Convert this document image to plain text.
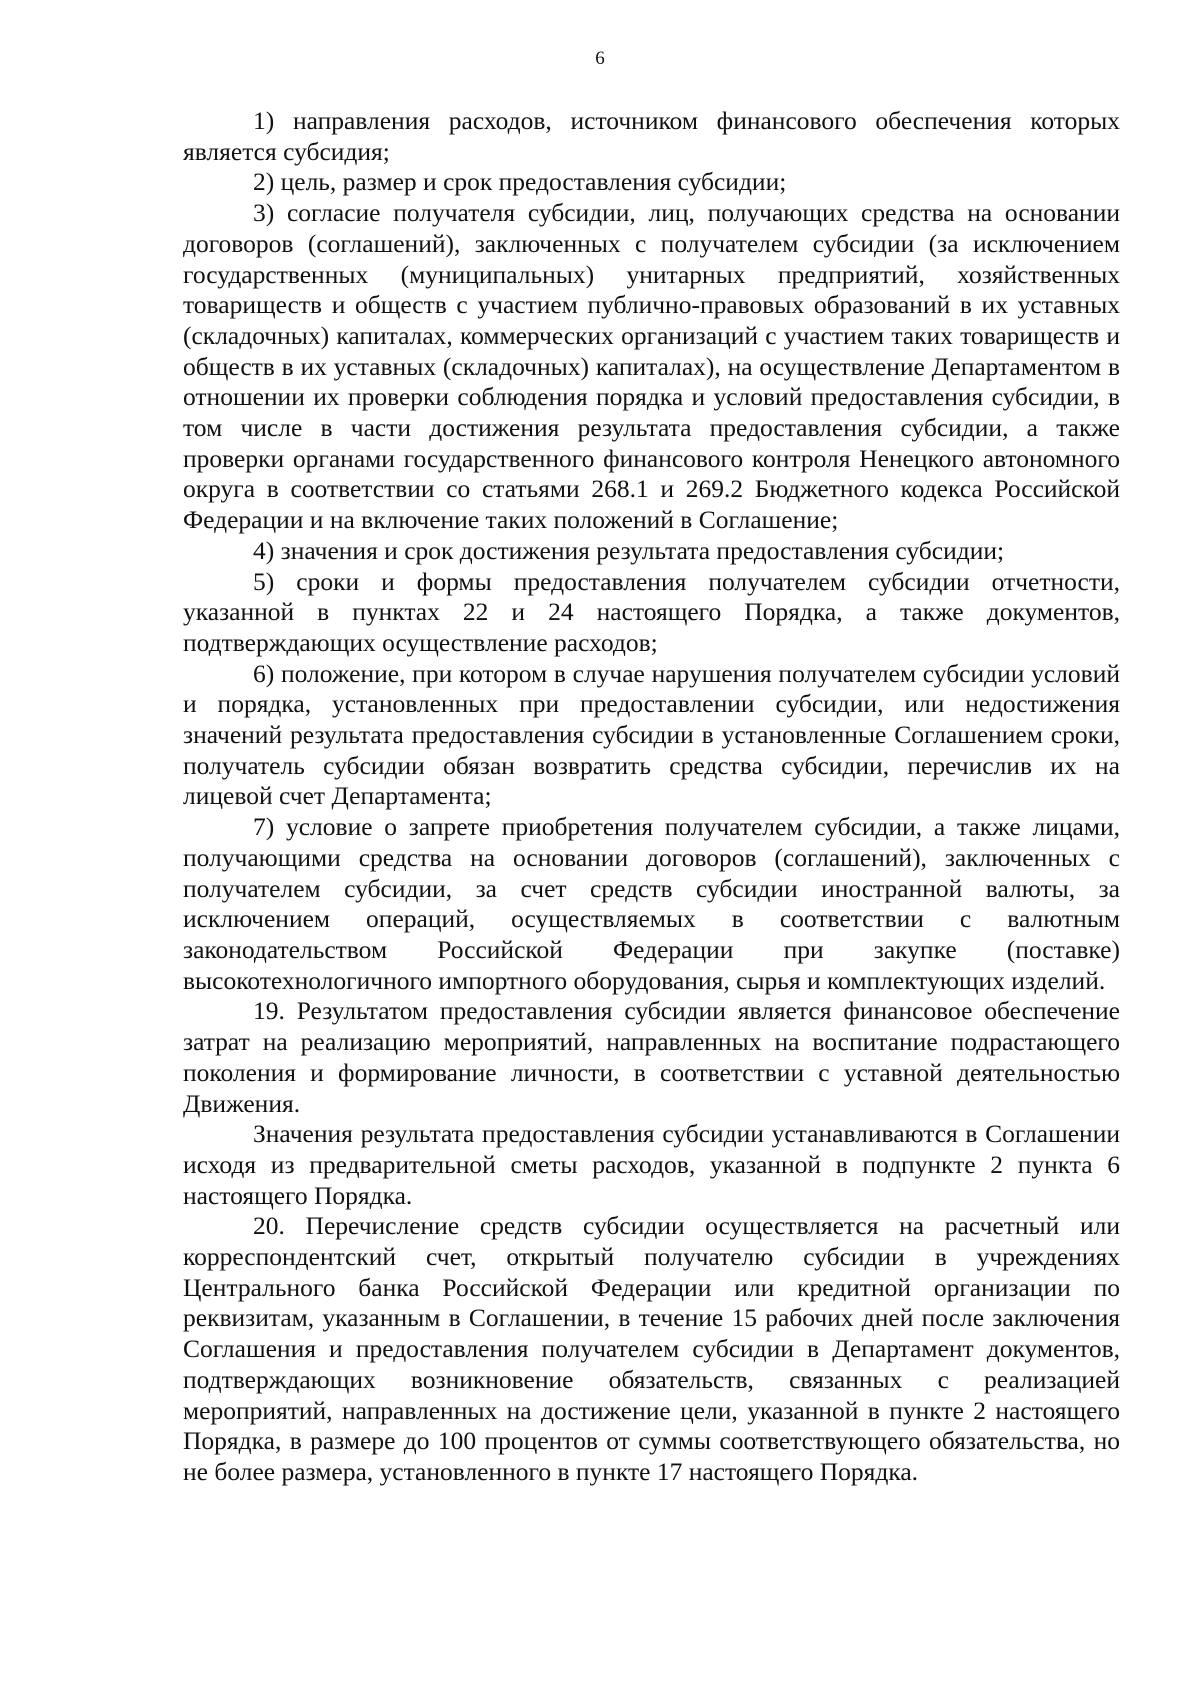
6

1) направления расходов, источником финансового обеспечения которых является субсидия;

2) цель, размер и срок предоставления субсидии;

3) согласие получателя субсидии, лиц, получающих средства на основании договоров (соглашений), заключенных с получателем субсидии (за исключением государственных (муниципальных) унитарных предприятий, хозяйственных товариществ и обществ с участием публично-правовых образований в их уставных (складочных) капиталах, коммерческих организаций с участием таких товариществ и обществ в их уставных (складочных) капиталах), на осуществление Департаментом в отношении их проверки соблюдения порядка и условий предоставления субсидии, в том числе в части достижения результата предоставления субсидии, а также проверки органами государственного финансового контроля Ненецкого автономного округа в соответствии со статьями 268.1 и 269.2 Бюджетного кодекса Российской Федерации и на включение таких положений в Соглашение;

4) значения и срок достижения результата предоставления субсидии;

5) сроки и формы предоставления получателем субсидии отчетности, указанной в пунктах 22 и 24 настоящего Порядка, а также документов, подтверждающих осуществление расходов;

6) положение, при котором в случае нарушения получателем субсидии условий и порядка, установленных при предоставлении субсидии, или недостижения значений результата предоставления субсидии в установленные Соглашением сроки, получатель субсидии обязан возвратить средства субсидии, перечислив их на лицевой счет Департамента;

7) условие о запрете приобретения получателем субсидии, а также лицами, получающими средства на основании договоров (соглашений), заключенных с получателем субсидии, за счет средств субсидии иностранной валюты, за исключением операций, осуществляемых в соответствии с валютным законодательством Российской Федерации при закупке (поставке) высокотехнологичного импортного оборудования, сырья и комплектующих изделий.

19. Результатом предоставления субсидии является финансовое обеспечение затрат на реализацию мероприятий, направленных на воспитание подрастающего поколения и формирование личности, в соответствии с уставной деятельностью Движения.

Значения результата предоставления субсидии устанавливаются в Соглашении исходя из предварительной сметы расходов, указанной в подпункте 2 пункта 6 настоящего Порядка.

20. Перечисление средств субсидии осуществляется на расчетный или корреспондентский счет, открытый получателю субсидии в учреждениях Центрального банка Российской Федерации или кредитной организации по реквизитам, указанным в Соглашении, в течение 15 рабочих дней после заключения Соглашения и предоставления получателем субсидии в Департамент документов, подтверждающих возникновение обязательств, связанных с реализацией мероприятий, направленных на достижение цели, указанной в пункте 2 настоящего Порядка, в размере до 100 процентов от суммы соответствующего обязательства, но не более размера, установленного в пункте 17 настоящего Порядка.
